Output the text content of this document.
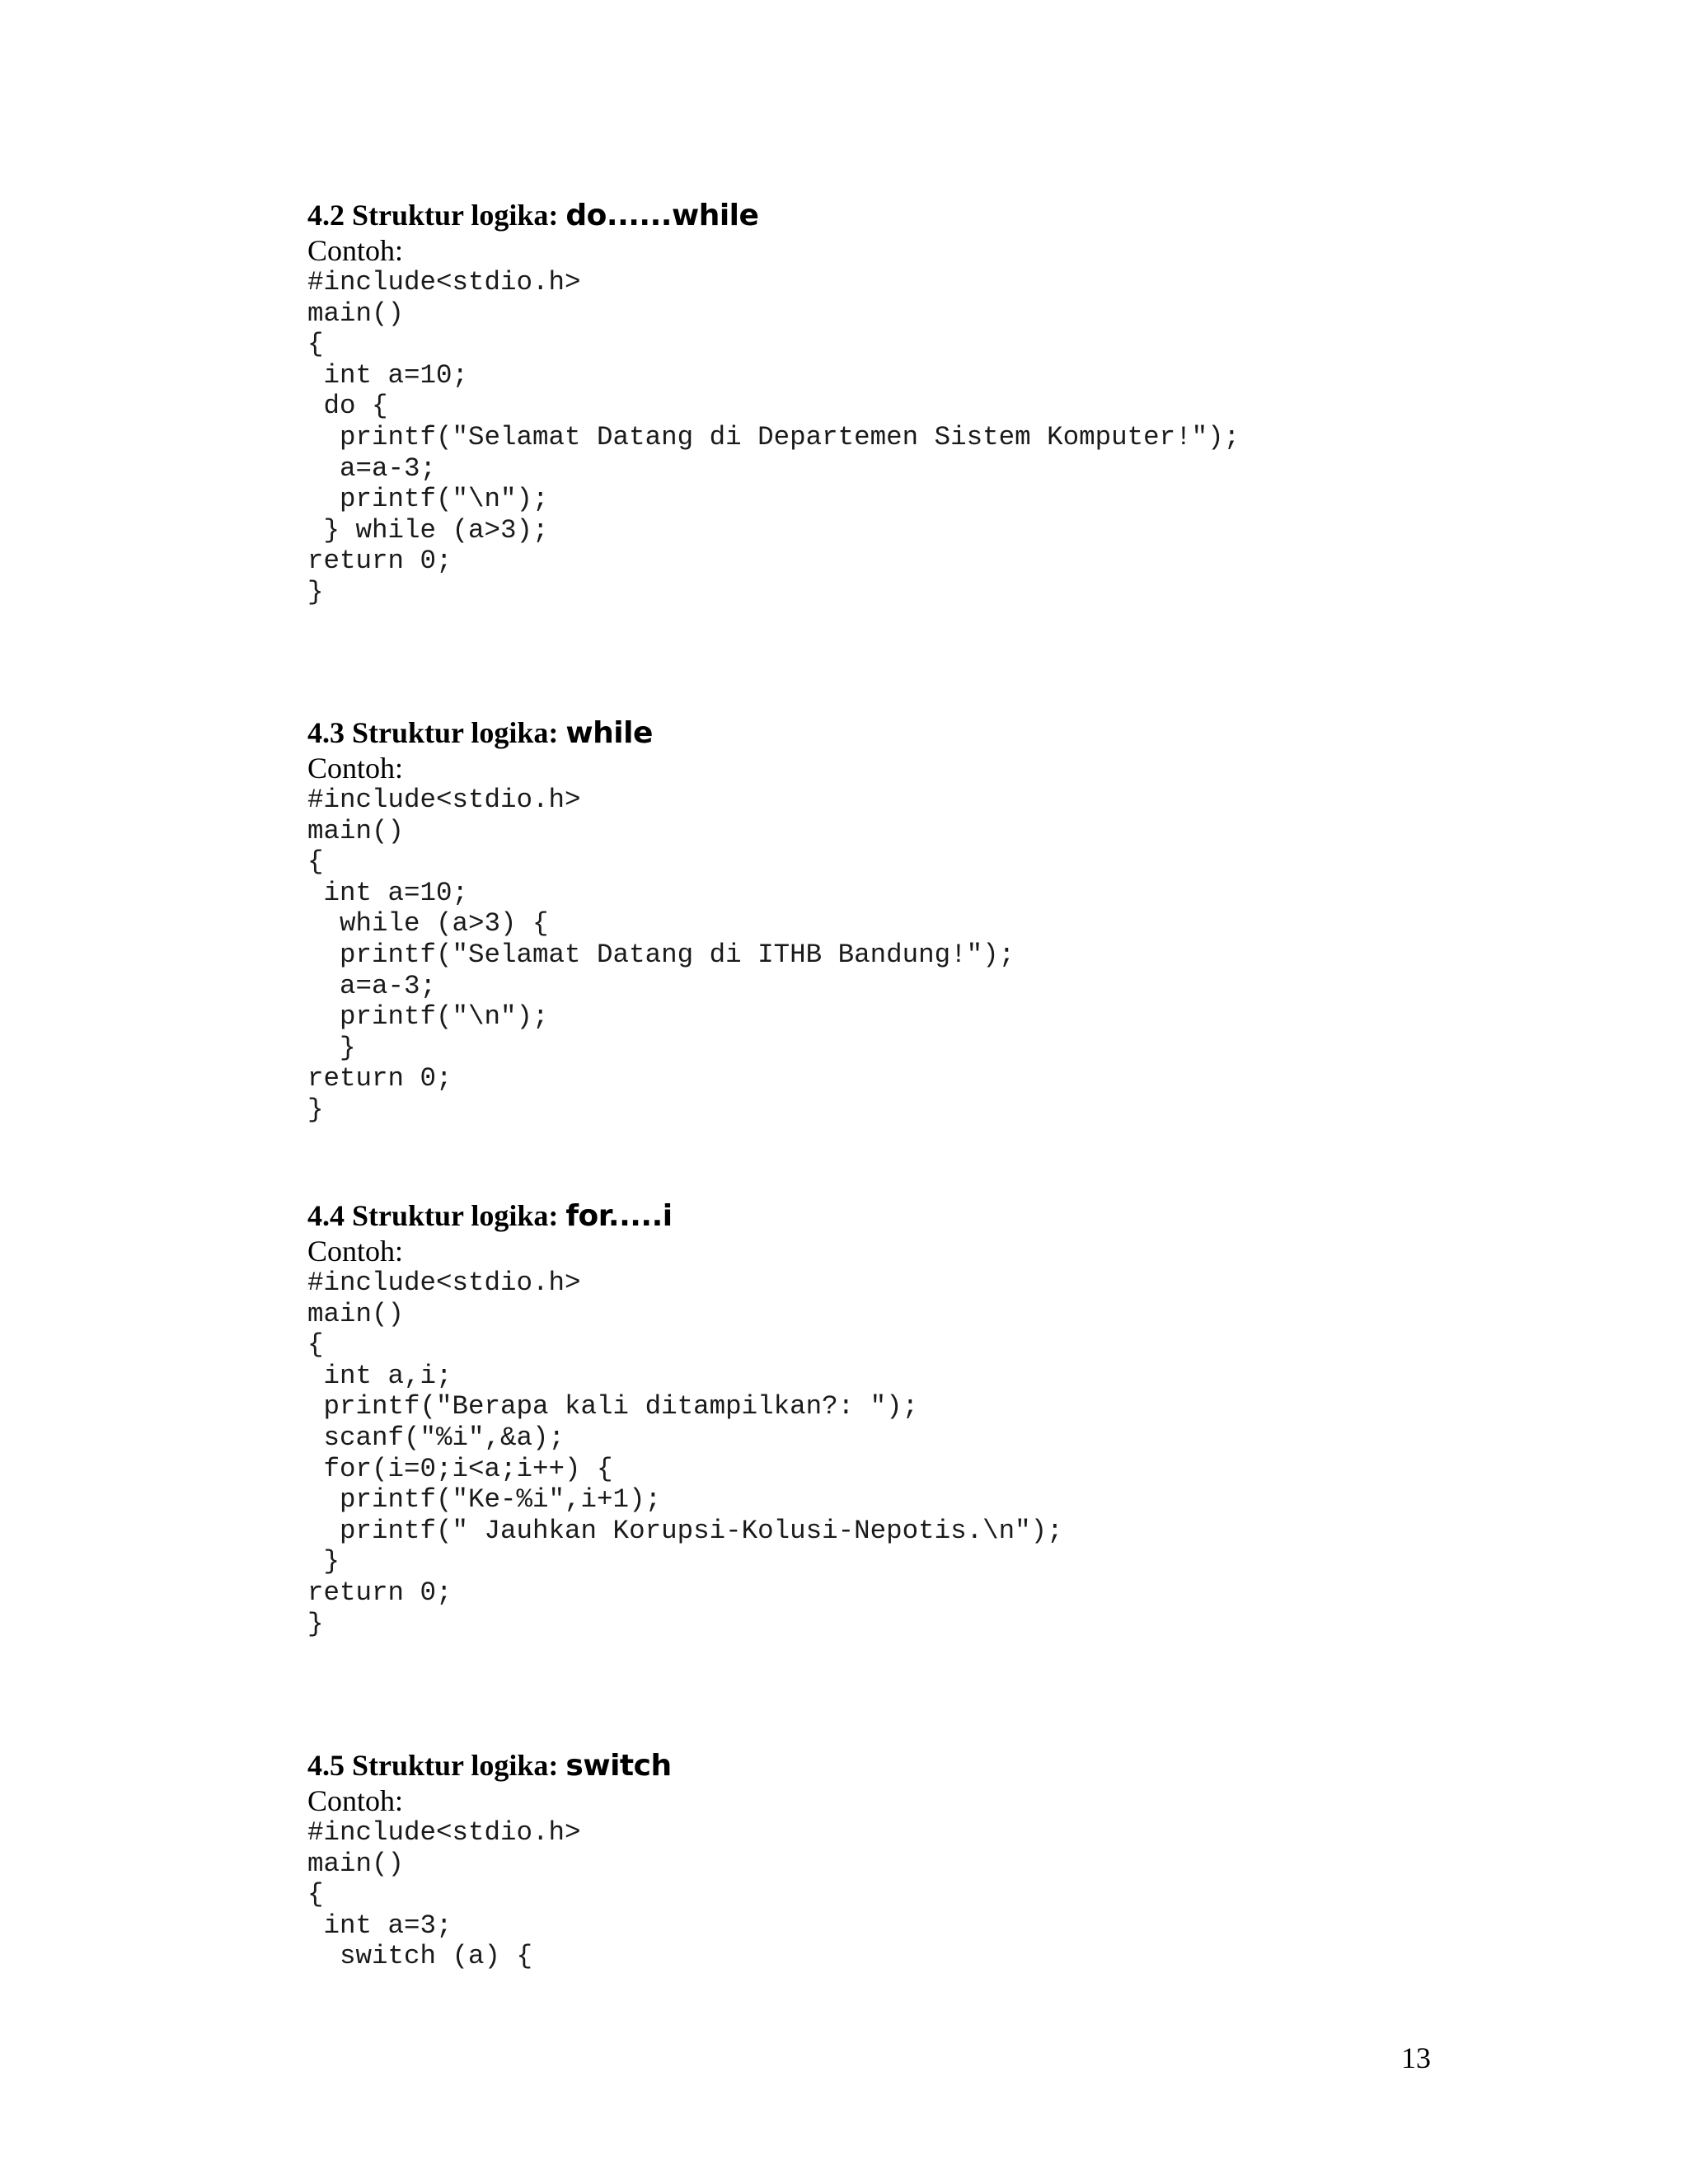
4.2 Struktur logika: do......while

Contoh:

#include<stdio.h>
main()
{
int a=10;
do {
printf("Selamat Datang di Departemen Sistem Komputer!");
a=a-3;
printf("\n");
} while (a>3);
return 0;
}
4.3 Struktur logika: while

Contoh:

#include<stdio.h>
main()
{
int a=10;
while (a>3) {
printf("Selamat Datang di ITHB Bandung!");
a=a-3;
printf("\n");
}
return 0;
}
4.4 Struktur logika: for.....i

Contoh:

#include<stdio.h>
main()
{
int a,i;
printf("Berapa kali ditampilkan?: ");
scanf("%i",&a);
for(i=0;i<a;i++) {
printf("Ke-%i",i+1);
printf(" Jauhkan Korupsi-Kolusi-Nepotis.\n");
}
return 0;
}
4.5 Struktur logika: switch

Contoh:

#include<stdio.h>
main()
{
int a=3;
switch (a) {
13
